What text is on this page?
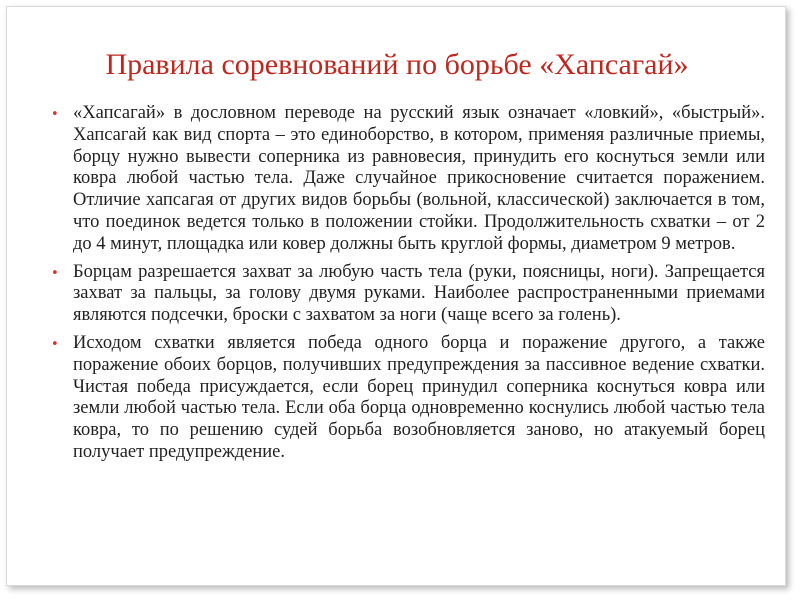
Правила соревнований по борьбе «Хапсагай»
• «Хапсагай» в дословном переводе на русский язык означает «ловкий», «быстрый». Хапсагай как вид спорта – это единоборство, в котором, применяя различные приемы, борцу нужно вывести соперника из равновесия, принудить его коснуться земли или ковра любой частью тела. Даже случайное прикосновение считается поражением. Отличие хапсагая от других видов борьбы (вольной, классической) заключается в том, что поединок ведется только в положении стойки. Продолжительность схватки – от 2 до 4 минут, площадка или ковер должны быть круглой формы, диаметром 9 метров.
• Борцам разрешается захват за любую часть тела (руки, поясницы, ноги). Запрещается захват за пальцы, за голову двумя руками. Наиболее распространенными приемами являются подсечки, броски с захватом за ноги (чаще всего за голень).
• Исходом схватки является победа одного борца и поражение другого, а также поражение обоих борцов, получивших предупреждения за пассивное ведение схватки. Чистая победа присуждается, если борец принудил соперника коснуться ковра или земли любой частью тела. Если оба борца одновременно коснулись любой частью тела ковра, то по решению судей борьба возобновляется заново, но атакуемый борец получает предупреждение.
